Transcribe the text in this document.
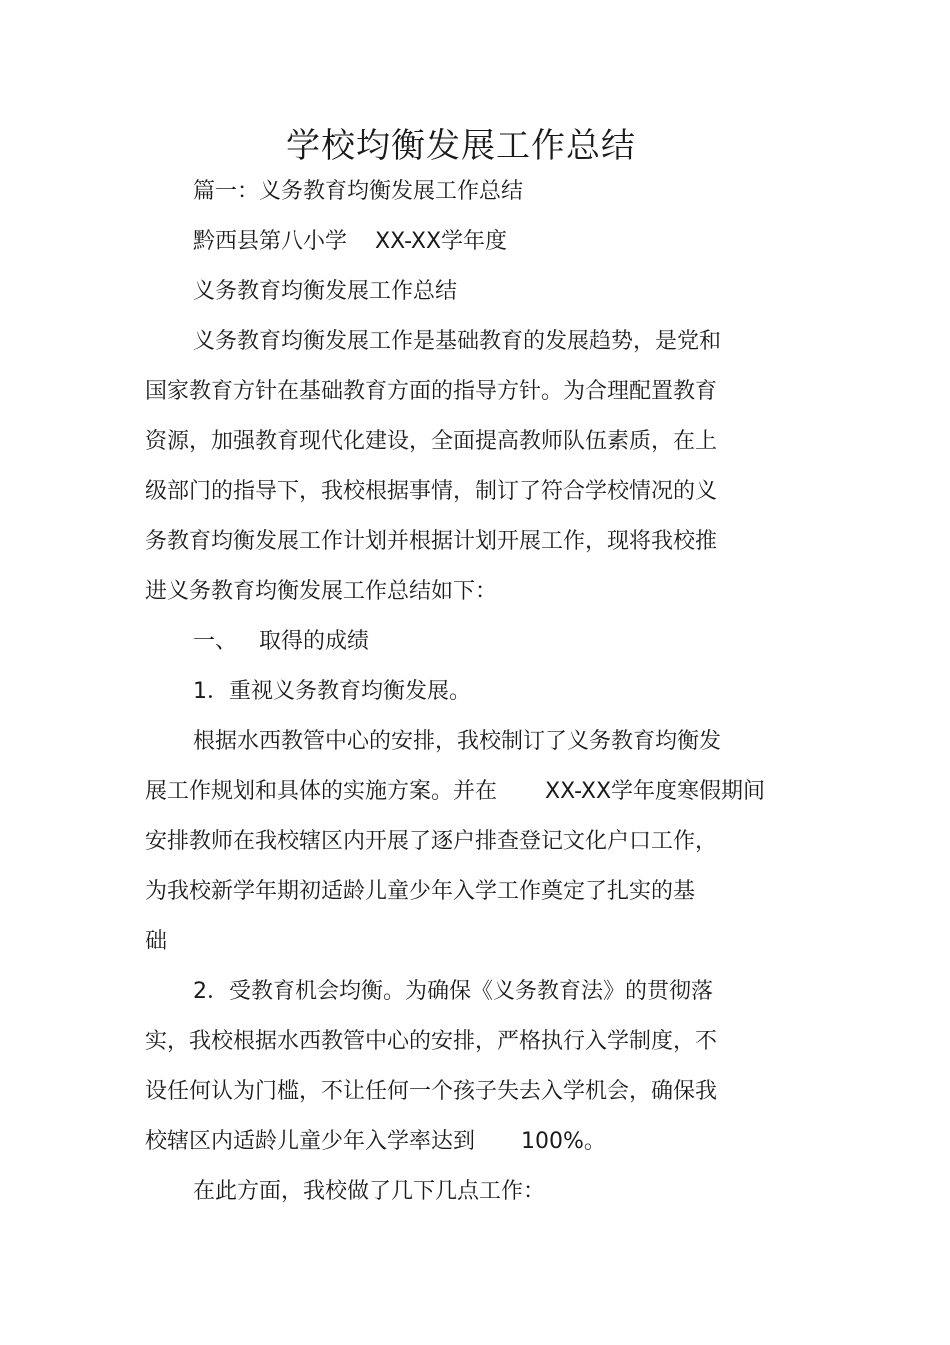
学校均衡发展工作总结
篇一：义务教育均衡发展工作总结
黔西县第八小学 XX-XX学年度
义务教育均衡发展工作总结
义务教育均衡发展工作是基础教育的发展趋势，是党和
国家教育方针在基础教育方面的指导方针。为合理配置教育
资源，加强教育现代化建设，全面提高教师队伍素质，在上
级部门的指导下，我校根据事情，制订了符合学校情况的义
务教育均衡发展工作计划并根据计划开展工作，现将我校推
进义务教育均衡发展工作总结如下：
一、 取得的成绩
1．重视义务教育均衡发展。
根据水西教管中心的安排，我校制订了义务教育均衡发
展工作规划和具体的实施方案。并在 XX-XX学年度寒假期间
安排教师在我校辖区内开展了逐户排查登记文化户口工作，
为我校新学年期初适龄儿童少年入学工作奠定了扎实的基
础
2．受教育机会均衡。为确保《义务教育法》的贯彻落
实，我校根据水西教管中心的安排，严格执行入学制度，不
设任何认为门槛，不让任何一个孩子失去入学机会，确保我
校辖区内适龄儿童少年入学率达到 100%。
在此方面，我校做了几下几点工作：
